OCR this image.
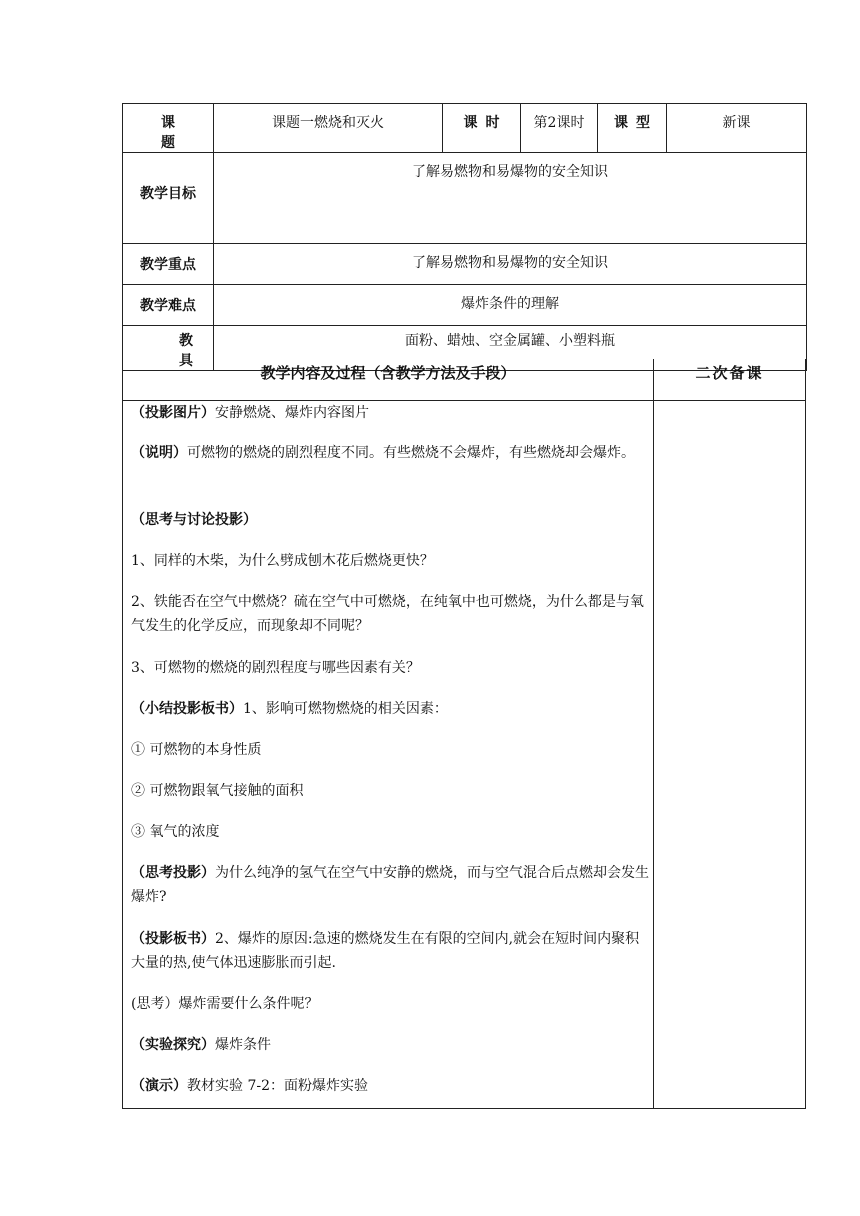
课题	课题一燃烧和灭火	课时	第2课时	课型	新课
教学目标	了解易燃物和易爆物的安全知识				
教学重点	了解易燃物和易爆物的安全知识				
教学难点	爆炸条件的理解				
教具	面粉、蜡烛、空金属罐、小塑料瓶				
教学内容及过程（含教学方法及手段）	二次备课
（投影图片）安静燃烧、爆炸内容图片
（说明）可燃物的燃烧的剧烈程度不同。有些燃烧不会爆炸，有些燃烧却会爆炸。
（思考与讨论投影）
1、同样的木柴，为什么劈成刨木花后燃烧更快？
2、铁能否在空气中燃烧？硫在空气中可燃烧，在纯氧中也可燃烧，为什么都是与氧气发生的化学反应，而现象却不同呢？
3、可燃物的燃烧的剧烈程度与哪些因素有关？
（小结投影板书）1、影响可燃物燃烧的相关因素：
① 可燃物的本身性质
② 可燃物跟氧气接触的面积
③ 氧气的浓度
（思考投影）为什么纯净的氢气在空气中安静的燃烧，而与空气混合后点燃却会发生爆炸?
（投影板书）2、爆炸的原因:急速的燃烧发生在有限的空间内,就会在短时间内聚积大量的热,使气体迅速膨胀而引起.
(思考）爆炸需要什么条件呢？
（实验探究）爆炸条件
（演示）教材实验 7-2：面粉爆炸实验
